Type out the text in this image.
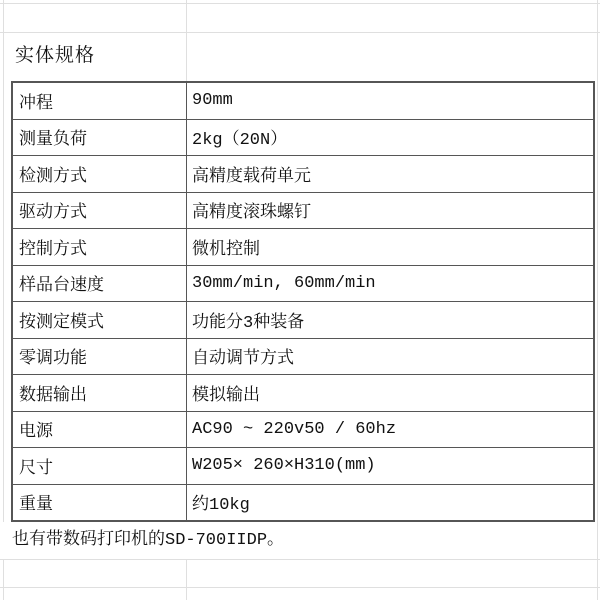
实体规格
冲程	90mm
测量负荷	2kg（20N）
检测方式	高精度载荷单元
驱动方式	高精度滚珠螺钉
控制方式	微机控制
样品台速度	30mm/min, 60mm/min
按测定模式	功能分3种装备
零调功能	自动调节方式
数据输出	模拟输出
电源	AC90 ~ 220v50 / 60hz
尺寸	W205× 260×H310(mm)
重量	约10kg
也有带数码打印机的SD-700IIDP。
